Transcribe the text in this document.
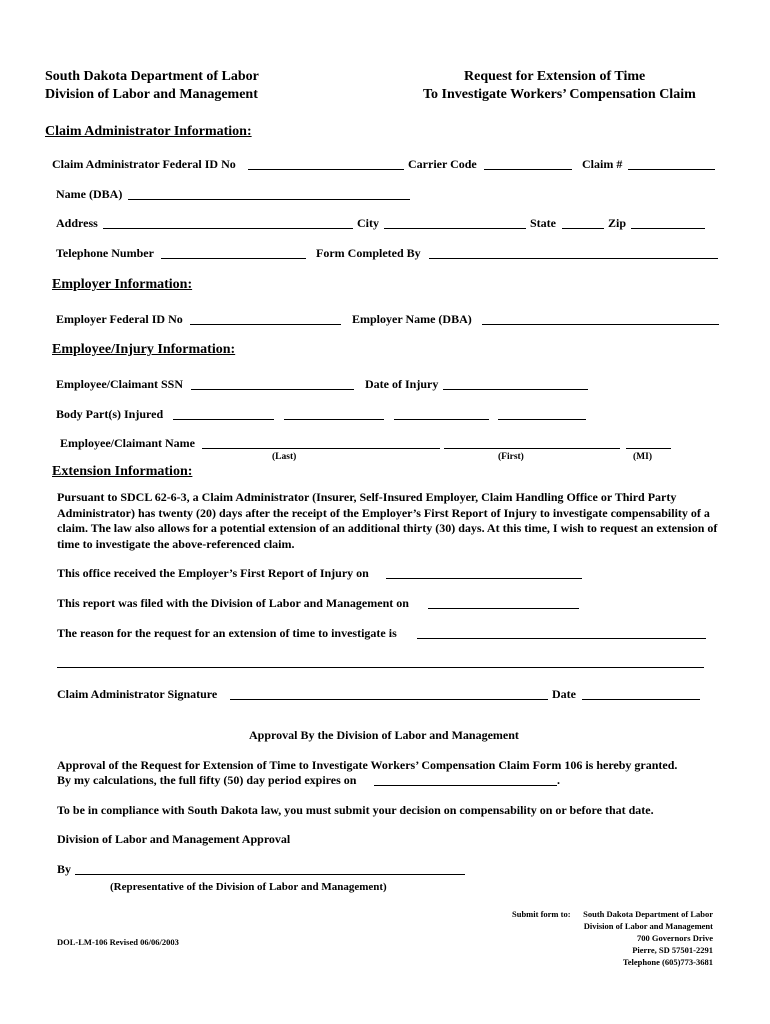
South Dakota Department of Labor
Division of Labor and Management
Request for Extension of Time
To Investigate Workers’ Compensation Claim
Claim Administrator Information:
Claim Administrator Federal ID No	Carrier Code	Claim #
Name (DBA)
Address	City	State	Zip
Telephone Number	Form Completed By
Employer Information:
Employer Federal ID No	Employer Name (DBA)
Employee/Injury Information:
Employee/Claimant SSN	Date of Injury
Body Part(s) Injured
Employee/Claimant Name
(Last)	(First)	(MI)
Extension Information:
Pursuant to SDCL 62-6-3, a Claim Administrator (Insurer, Self-Insured Employer, Claim Handling Office or Third Party Administrator) has twenty (20) days after the receipt of the Employer’s First Report of Injury to investigate compensability of a claim. The law also allows for a potential extension of an additional thirty (30) days. At this time, I wish to request an extension of time to investigate the above-referenced claim.
This office received the Employer’s First Report of Injury on
This report was filed with the Division of Labor and Management on
The reason for the request for an extension of time to investigate is
Claim Administrator Signature	Date
Approval By the Division of Labor and Management
Approval of the Request for Extension of Time to Investigate Workers’ Compensation Claim Form 106 is hereby granted.
By my calculations, the full fifty (50) day period expires on	.
To be in compliance with South Dakota law, you must submit your decision on compensability on or before that date.
Division of Labor and Management Approval
By
(Representative of the Division of Labor and Management)
DOL-LM-106 Revised 06/06/2003
Submit form to: South Dakota Department of Labor
Division of Labor and Management
700 Governors Drive
Pierre, SD 57501-2291
Telephone (605)773-3681
